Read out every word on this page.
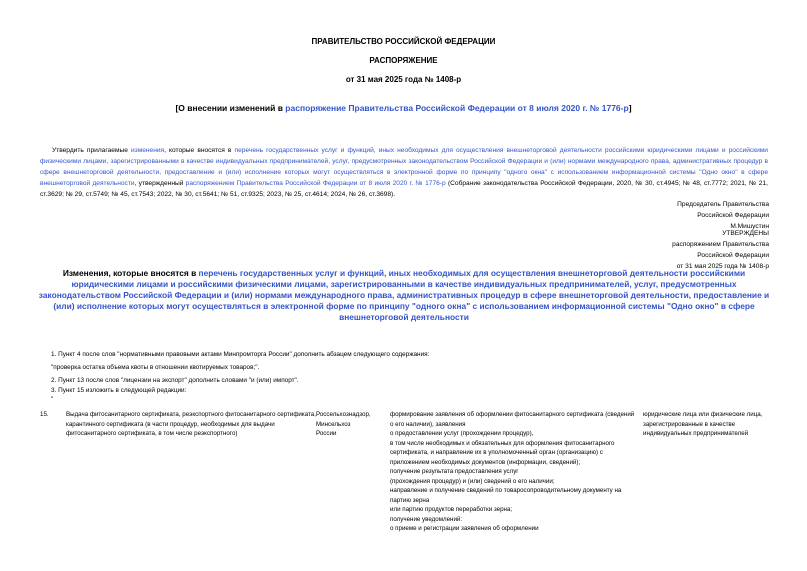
ПРАВИТЕЛЬСТВО РОССИЙСКОЙ ФЕДЕРАЦИИ
РАСПОРЯЖЕНИЕ
от 31 мая 2025 года № 1408-р
[О внесении изменений в распоряжение Правительства Российской Федерации от 8 июля 2020 г. № 1776-р]
Утвердить прилагаемые изменения, которые вносятся в перечень государственных услуг и функций, иных необходимых для осуществления внешнеторговой деятельности российскими юридическими лицами и российскими физическими лицами, зарегистрированными в качестве индивидуальных предпринимателей, услуг, предусмотренных законодательством Российской Федерации и (или) нормами международного права, административных процедур в сфере внешнеторговой деятельности, предоставление и (или) исполнение которых могут осуществляться в электронной форме по принципу "одного окна" с использованием информационной системы "Одно окно" в сфере внешнеторговой деятельности, утвержденный распоряжением Правительства Российской Федерации от 8 июля 2020 г. № 1776-р (Собрание законодательства Российской Федерации, 2020, № 30, ст.4945; № 48, ст.7772; 2021, № 21, ст.3629; № 29, ст.5749; № 45, ст.7543; 2022, № 30, ст.5641; № 51, ст.9325; 2023, № 25, ст.4614; 2024, № 26, ст.3698).
Председатель Правительства
Российской Федерации
М.Мишустин
УТВЕРЖДЕНЫ
распоряжением Правительства
Российской Федерации
от 31 мая 2025 года № 1408-р
Изменения, которые вносятся в перечень государственных услуг и функций, иных необходимых для осуществления внешнеторговой деятельности российскими юридическими лицами и российскими физическими лицами, зарегистрированными в качестве индивидуальных предпринимателей, услуг, предусмотренных законодательством Российской Федерации и (или) нормами международного права, административных процедур в сфере внешнеторговой деятельности, предоставление и (или) исполнение которых могут осуществляться в электронной форме по принципу "одного окна" с использованием информационной системы "Одно окно" в сфере внешнеторговой деятельности
1. Пункт 4 после слов "нормативными правовыми актами Минпромторга России" дополнить абзацем следующего содержания:
"проверка остатка объема квоты в отношении квотируемых товаров;".
2. Пункт 13 после слов "лицензии на экспорт" дополнить словами "и (или) импорт".
3. Пункт 15 изложить в следующей редакции:
"
15.	Выдача фитосанитарного сертификата, реэкспортного фитосанитарного сертификата, карантинного сертификата (в части процедур, необходимых для выдачи фитосанитарного сертификата, в том числе реэкспортного)
Россельхознадзор, Минсельхоз России
формирование заявления об оформлении фитосанитарного сертификата (сведений о его наличии), заявления
о предоставлении услуг (прохождении процедур),
в том числе необходимых и обязательных для оформления фитосанитарного сертификата, и направление их в уполномоченный орган (организацию) с приложением необходимых документов (информации, сведений);
получение результата предоставления услуг
(прохождения процедур) и (или) сведений о его наличии;
направление и получение сведений по товаросопроводительному документу на партию зерна
или партию продуктов переработки зерна;
получение уведомлений:
о приеме и регистрации заявления об оформлении
юридические лица или физические лица, зарегистрированные в качестве индивидуальных предпринимателей
